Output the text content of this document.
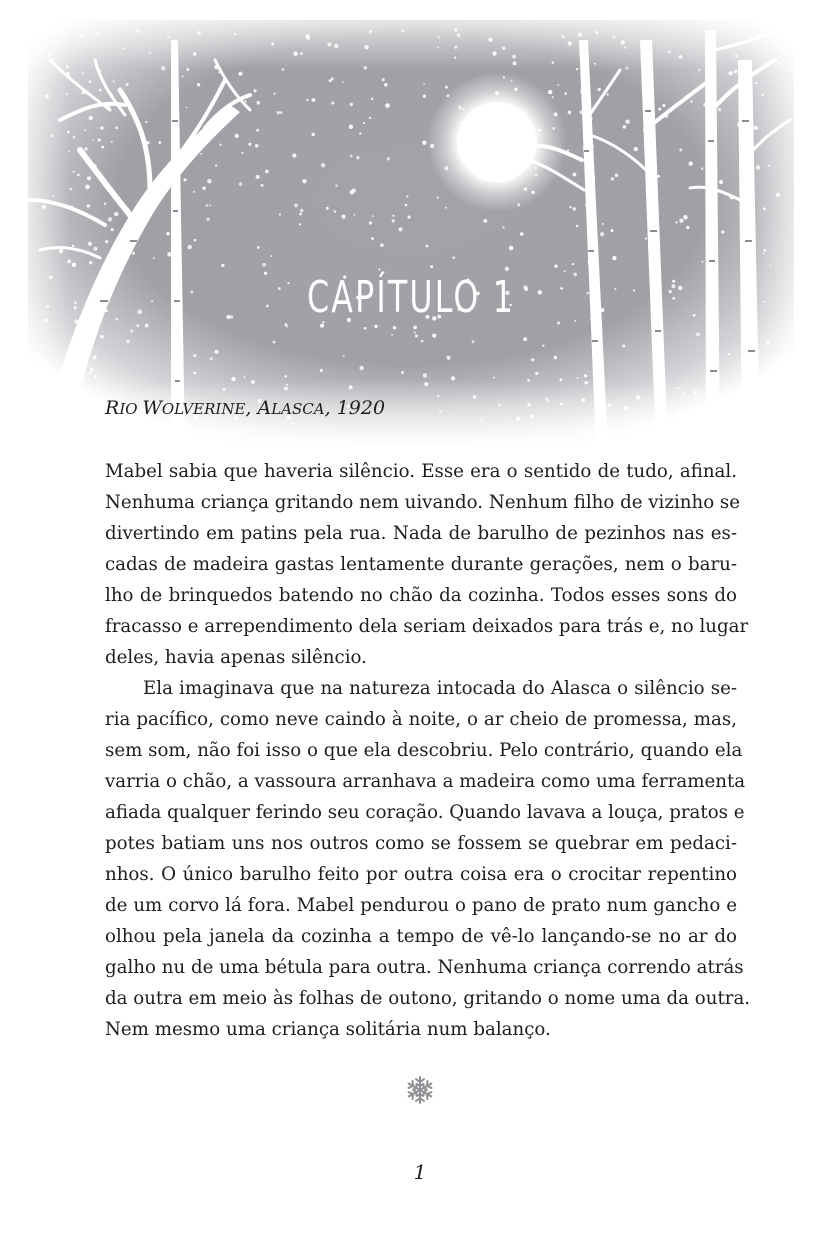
CAPÍTULO 1

RIO WOLVERINE, ALASCA, 1920

Mabel sabia que haveria silêncio. Esse era o sentido de tudo, afinal.
Nenhuma criança gritando nem uivando. Nenhum filho de vizinho se
divertindo em patins pela rua. Nada de barulho de pezinhos nas es-
cadas de madeira gastas lentamente durante gerações, nem o baru-
lho de brinquedos batendo no chão da cozinha. Todos esses sons do
fracasso e arrependimento dela seriam deixados para trás e, no lugar
deles, havia apenas silêncio.
Ela imaginava que na natureza intocada do Alasca o silêncio se-
ria pacífico, como neve caindo à noite, o ar cheio de promessa, mas,
sem som, não foi isso o que ela descobriu. Pelo contrário, quando ela
varria o chão, a vassoura arranhava a madeira como uma ferramenta
afiada qualquer ferindo seu coração. Quando lavava a louça, pratos e
potes batiam uns nos outros como se fossem se quebrar em pedaci-
nhos. O único barulho feito por outra coisa era o crocitar repentino
de um corvo lá fora. Mabel pendurou o pano de prato num gancho e
olhou pela janela da cozinha a tempo de vê-lo lançando-se no ar do
galho nu de uma bétula para outra. Nenhuma criança correndo atrás
da outra em meio às folhas de outono, gritando o nome uma da outra.
Nem mesmo uma criança solitária num balanço.

1
